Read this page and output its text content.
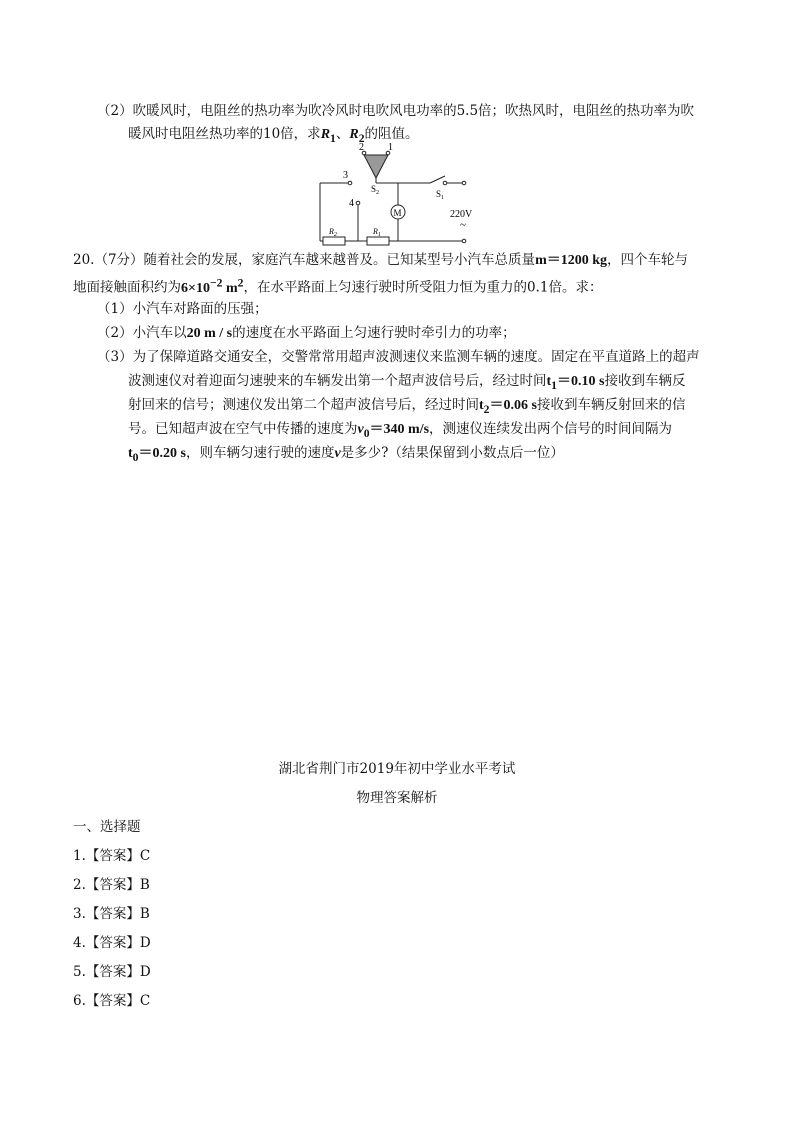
（2）吹暖风时，电阻丝的热功率为吹冷风时电吹风电功率的5.5倍；吹热风时，电阻丝的热功率为吹
暖风时电阻丝热功率的10倍，求$R_1$、$R_2$的阻值。
2 1
3
4
$S_2$	$S_1$
M	220V
~
$R_2$	$R_1$
20.（7分）随着社会的发展，家庭汽车越来越普及。已知某型号小汽车总质量m＝1200 kg，四个车轮与
地面接触面积约为$6\times 10^{-2}$ $m^2$，在水平路面上匀速行驶时所受阻力恒为重力的0.1倍。求：
（1）小汽车对路面的压强；
（2）小汽车以20 m / s的速度在水平路面上匀速行驶时牵引力的功率；
（3）为了保障道路交通安全，交警常常用超声波测速仪来监测车辆的速度。固定在平直道路上的超声
波测速仪对着迎面匀速驶来的车辆发出第一个超声波信号后，经过时间$t_1=0.10$ s接收到车辆反
射回来的信号；测速仪发出第二个超声波信号后，经过时间$t_2=0.06$ s接收到车辆反射回来的信
号。已知超声波在空气中传播的速度为$v_0=340$ m/s，测速仪连续发出两个信号的时间间隔为
$t_0=0.20$ s，则车辆匀速行驶的速度v是多少?（结果保留到小数点后一位）
湖北省荆门市2019年初中学业水平考试
物理答案解析
一、选择题
1.【答案】C
2.【答案】B
3.【答案】B
4.【答案】D
5.【答案】D
6.【答案】C
